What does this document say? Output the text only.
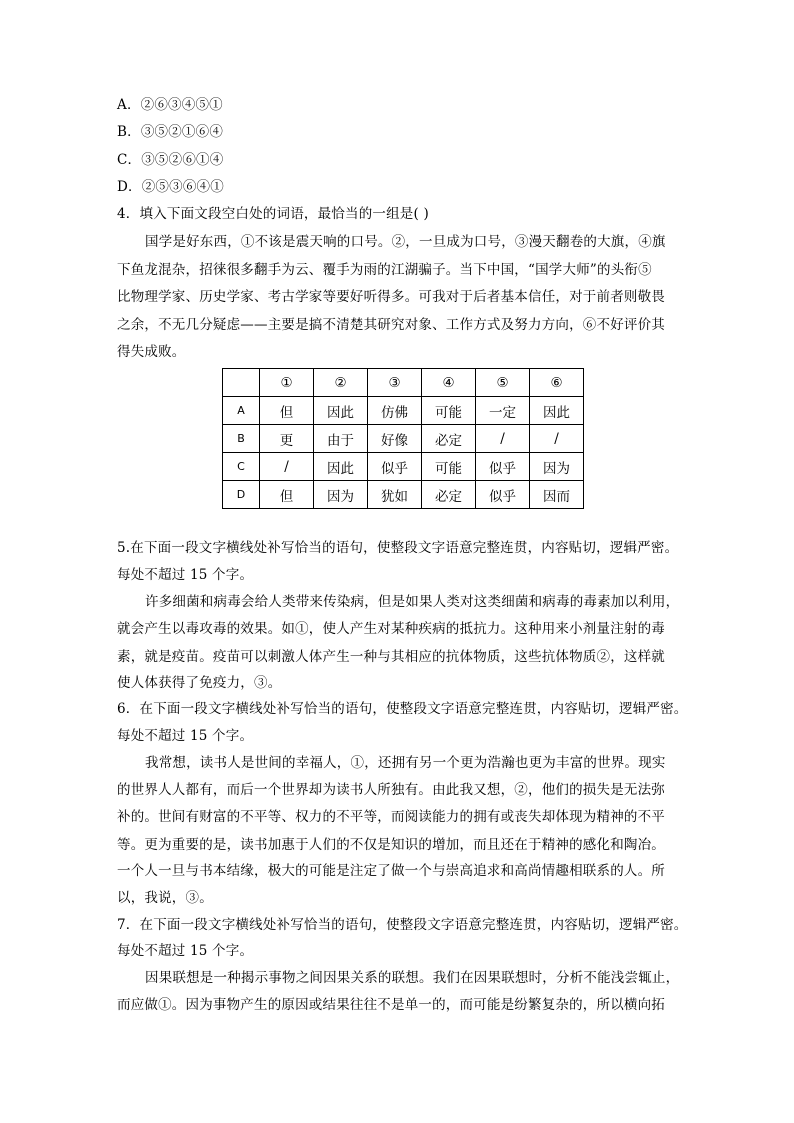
A．②⑥③④⑤①
B．③⑤②①⑥④
C．③⑤②⑥①④
D．②⑤③⑥④①
4．填入下面文段空白处的词语，最恰当的一组是( )
国学是好东西，①不该是震天响的口号。②，一旦成为口号，③漫天翻卷的大旗，④旗
下鱼龙混杂，招徕很多翻手为云、覆手为雨的江湖骗子。当下中国，“国学大师”的头衔⑤
比物理学家、历史学家、考古学家等要好听得多。可我对于后者基本信任，对于前者则敬畏
之余，不无几分疑虑——主要是搞不清楚其研究对象、工作方式及努力方向，⑥不好评价其
得失成败。
	①	②	③	④	⑤	⑥
A	但	因此	仿佛	可能	一定	因此
B	更	由于	好像	必定	/	/
C	/	因此	似乎	可能	似乎	因为
D	但	因为	犹如	必定	似乎	因而
5.在下面一段文字横线处补写恰当的语句，使整段文字语意完整连贯，内容贴切，逻辑严密。
每处不超过 15 个字。
许多细菌和病毒会给人类带来传染病，但是如果人类对这类细菌和病毒的毒素加以利用，
就会产生以毒攻毒的效果。如①，使人产生对某种疾病的抵抗力。这种用来小剂量注射的毒
素，就是疫苗。疫苗可以刺激人体产生一种与其相应的抗体物质，这些抗体物质②，这样就
使人体获得了免疫力，③。
6．在下面一段文字横线处补写恰当的语句，使整段文字语意完整连贯，内容贴切，逻辑严密。
每处不超过 15 个字。
我常想，读书人是世间的幸福人，①，还拥有另一个更为浩瀚也更为丰富的世界。现实
的世界人人都有，而后一个世界却为读书人所独有。由此我又想，②，他们的损失是无法弥
补的。世间有财富的不平等、权力的不平等，而阅读能力的拥有或丧失却体现为精神的不平
等。更为重要的是，读书加惠于人们的不仅是知识的增加，而且还在于精神的感化和陶冶。
一个人一旦与书本结缘，极大的可能是注定了做一个与崇高追求和高尚情趣相联系的人。所
以，我说，③。
7．在下面一段文字横线处补写恰当的语句，使整段文字语意完整连贯，内容贴切，逻辑严密。
每处不超过 15 个字。
因果联想是一种揭示事物之间因果关系的联想。我们在因果联想时，分析不能浅尝辄止，
而应做①。因为事物产生的原因或结果往往不是单一的，而可能是纷繁复杂的，所以横向拓
